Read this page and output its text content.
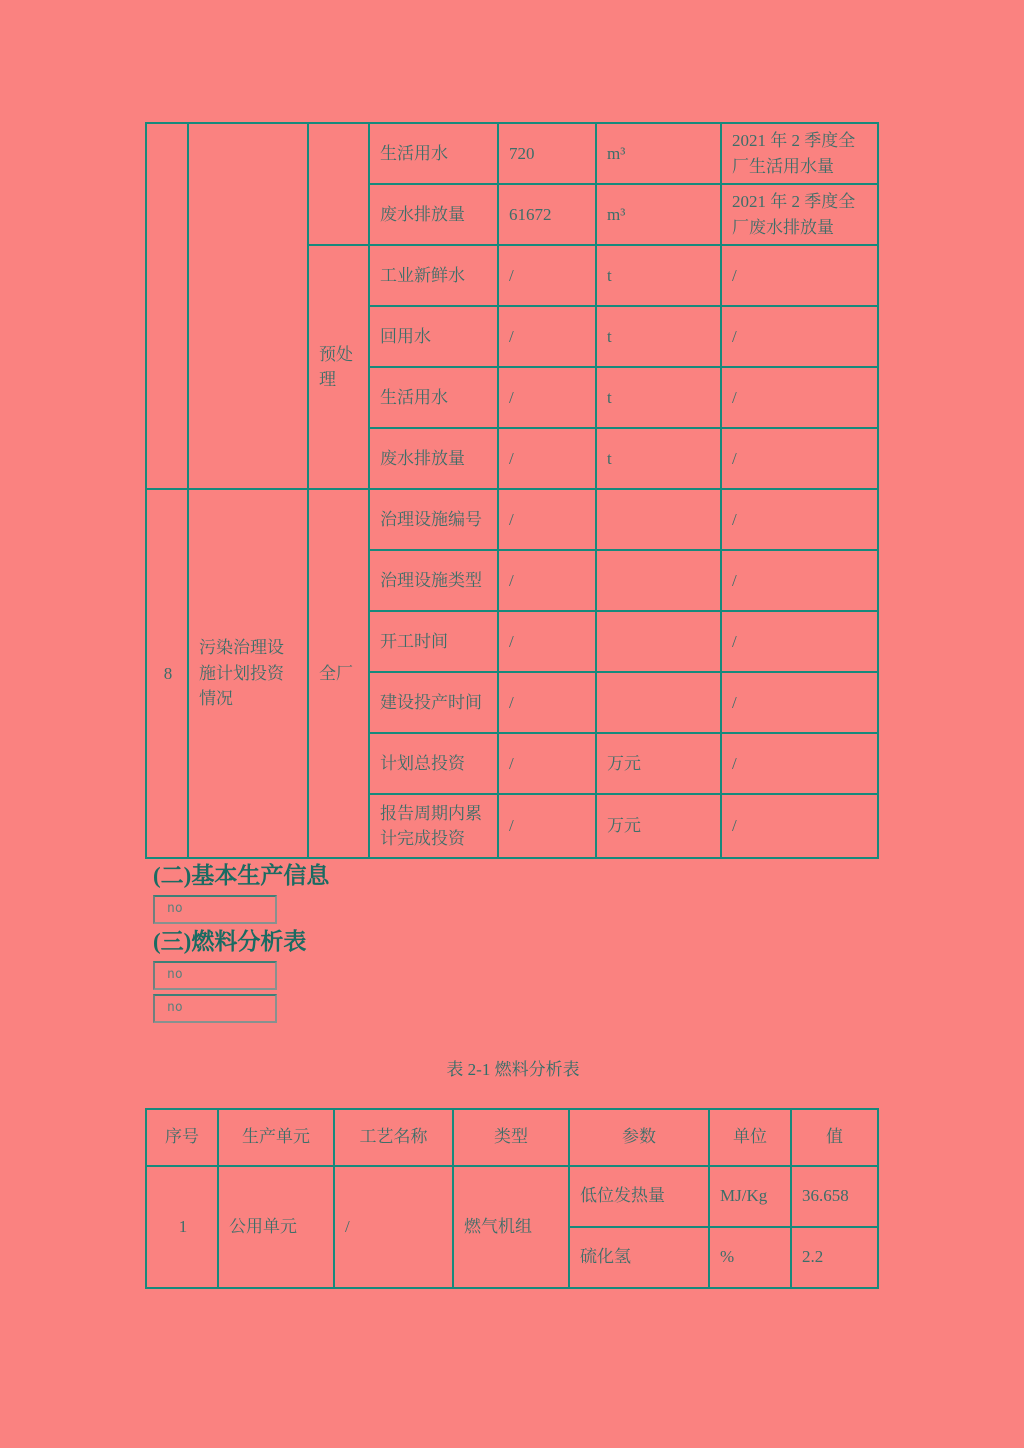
			生活用水	720	m³	2021 年 2 季度全厂生活用水量
			废水排放量	61672	m³	2021 年 2 季度全厂废水排放量
		预处理	工业新鲜水	/	t	/
			回用水	/	t	/
			生活用水	/	t	/
			废水排放量	/	t	/
8	污染治理设施计划投资情况	全厂	治理设施编号	/		/
			治理设施类型	/		/
			开工时间	/		/
			建设投产时间	/		/
			计划总投资	/	万元	/
			报告周期内累计完成投资	/	万元	/
(二)基本生产信息
no
(三)燃料分析表
no
no
表 2-1 燃料分析表
序号	生产单元	工艺名称	类型	参数	单位	值
1	公用单元	/	燃气机组	低位发热量	MJ/Kg	36.658
				硫化氢	%	2.2
